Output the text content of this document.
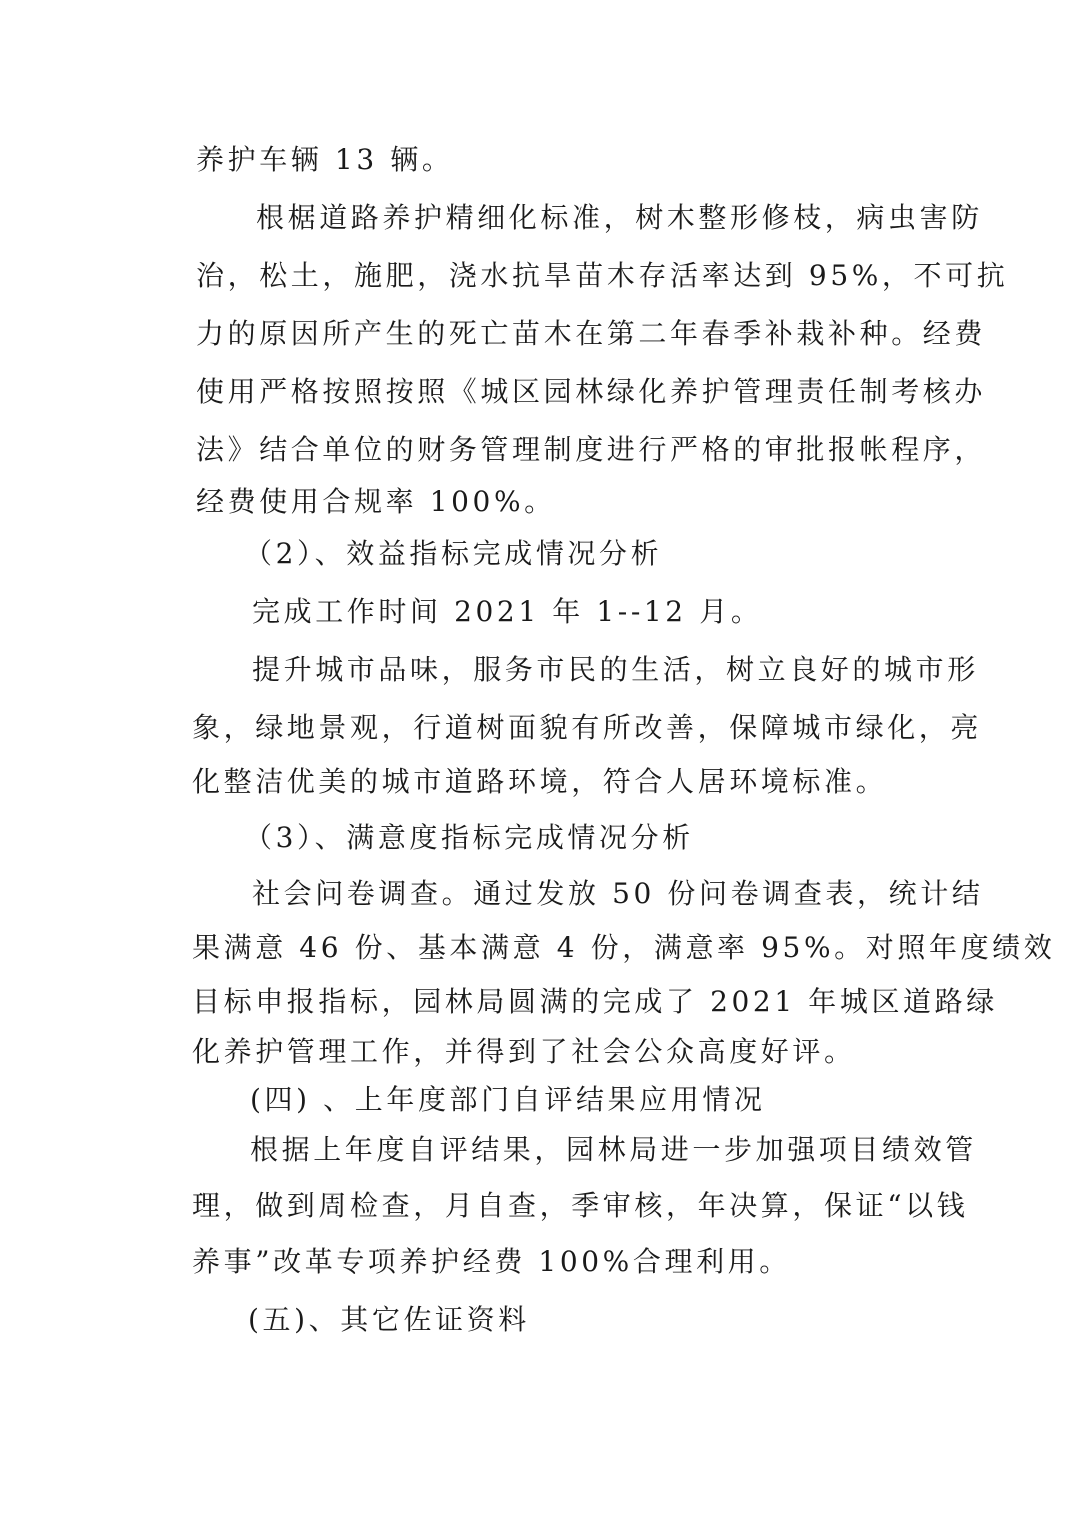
养护车辆 13 辆。
根椐道路养护精细化标准，树木整形修枝，病虫害防
治，松土，施肥，浇水抗旱苗木存活率达到 95%，不可抗
力的原因所产生的死亡苗木在第二年春季补栽补种。经费
使用严格按照按照《城区园林绿化养护管理责任制考核办
法》结合单位的财务管理制度进行严格的审批报帐程序，
经费使用合规率 100%。
（2）、效益指标完成情况分析
完成工作时间 2021 年 1--12 月。
提升城市品味，服务市民的生活，树立良好的城市形
象，绿地景观，行道树面貌有所改善，保障城市绿化，亮
化整洁优美的城市道路环境，符合人居环境标准。
（3）、满意度指标完成情况分析
社会问卷调查。通过发放 50 份问卷调查表，统计结
果满意 46 份、基本满意 4 份，满意率 95%。对照年度绩效
目标申报指标，园林局圆满的完成了 2021 年城区道路绿
化养护管理工作，并得到了社会公众高度好评。
(四) 、上年度部门自评结果应用情况
根据上年度自评结果，园林局进一步加强项目绩效管
理，做到周检查，月自查，季审核，年决算，保证“以钱
养事”改革专项养护经费 100%合理利用。
(五)、其它佐证资料
